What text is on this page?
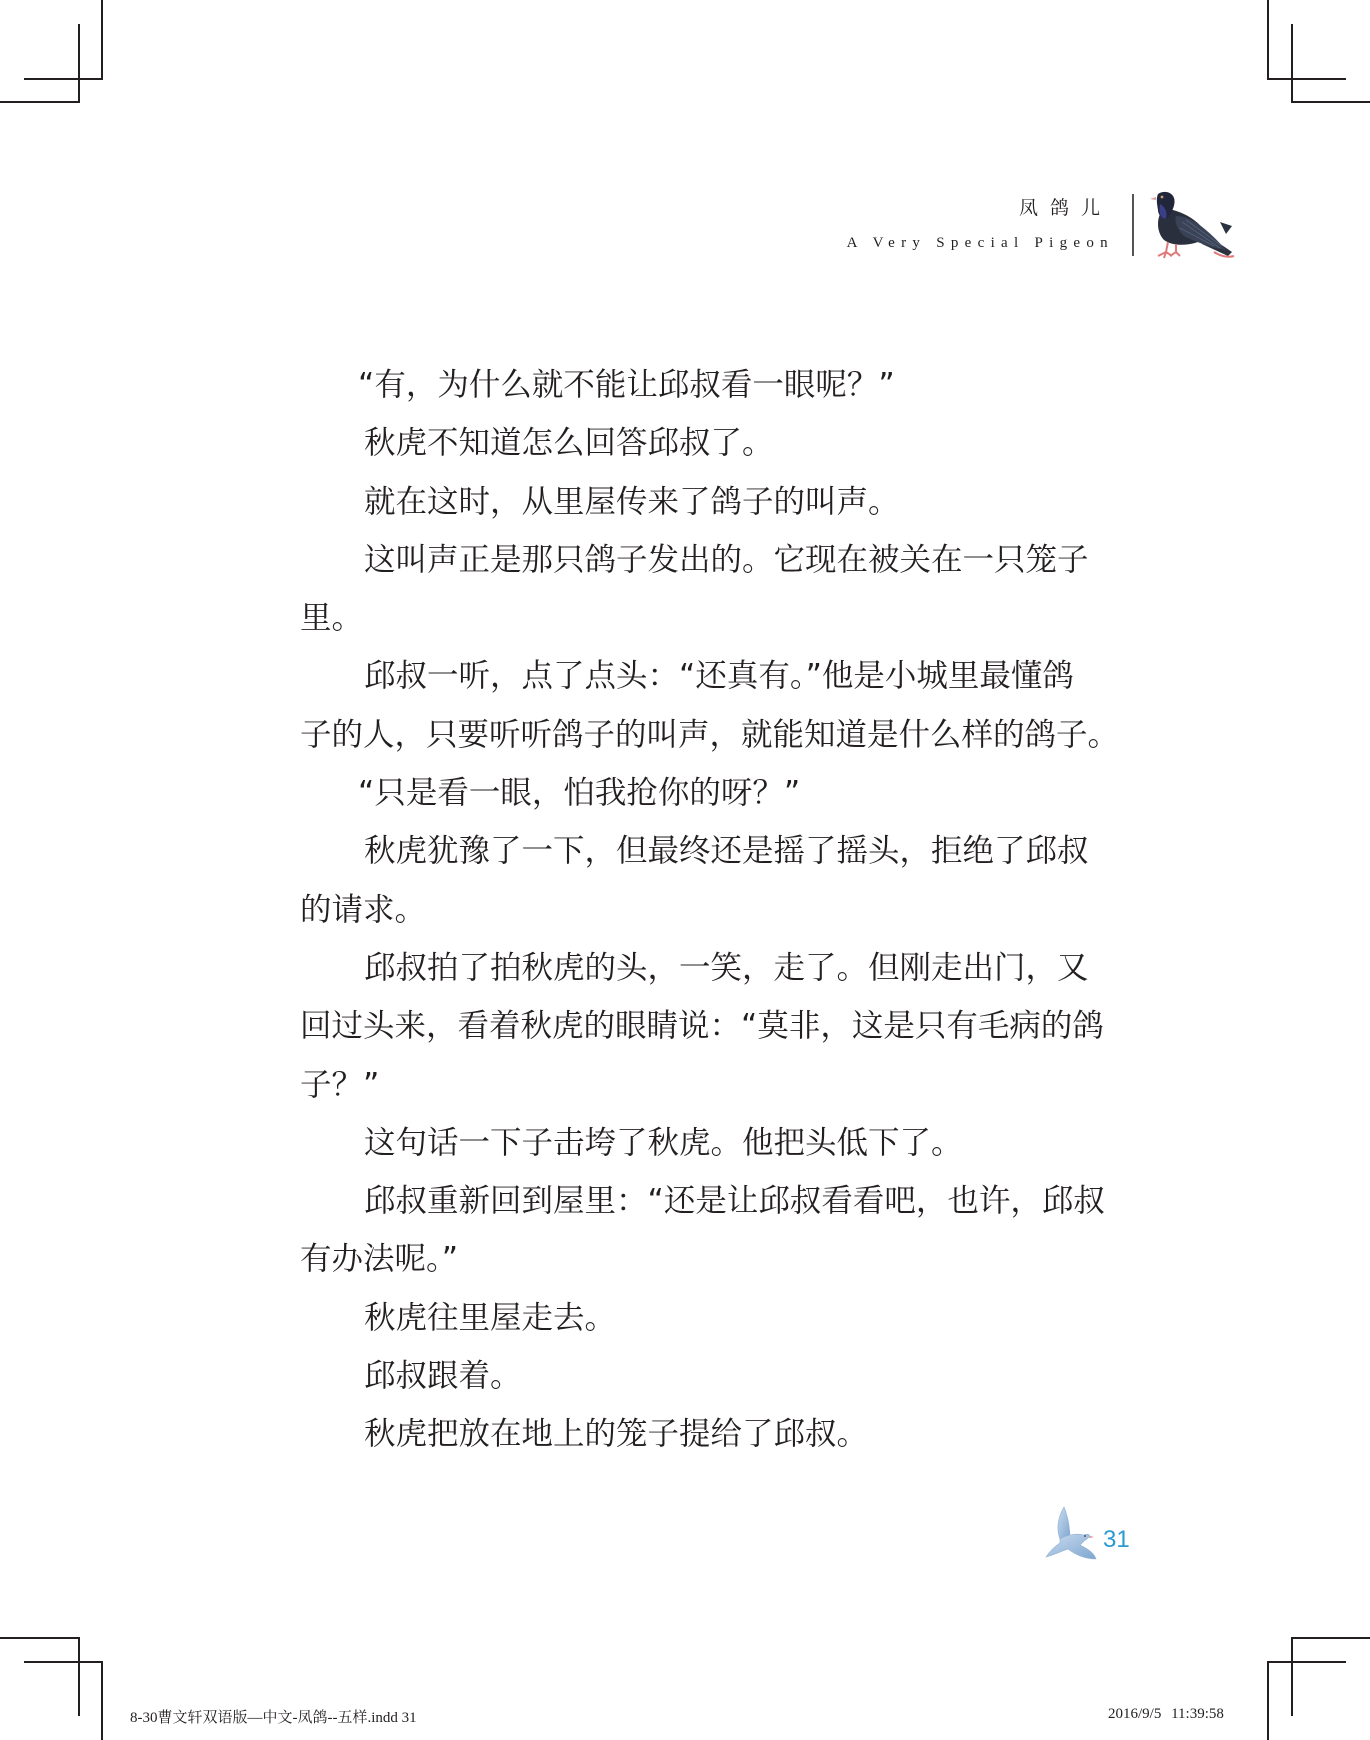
凤鸽儿
A Very Special Pigeon
“有，为什么就不能让邱叔看一眼呢？”
秋虎不知道怎么回答邱叔了。
就在这时，从里屋传来了鸽子的叫声。
这叫声正是那只鸽子发出的。它现在被关在一只笼子
里。
邱叔一听，点了点头：“还真有。”他是小城里最懂鸽
子的人，只要听听鸽子的叫声，就能知道是什么样的鸽子。
“只是看一眼，怕我抢你的呀？”
秋虎犹豫了一下，但最终还是摇了摇头，拒绝了邱叔
的请求。
邱叔拍了拍秋虎的头，一笑，走了。但刚走出门，又
回过头来，看着秋虎的眼睛说：“莫非，这是只有毛病的鸽
子？”
这句话一下子击垮了秋虎。他把头低下了。
邱叔重新回到屋里：“还是让邱叔看看吧，也许，邱叔
有办法呢。”
秋虎往里屋走去。
邱叔跟着。
秋虎把放在地上的笼子提给了邱叔。
31
8-30曹文轩双语版—中文-凤鸽--五样.indd 31	2016/9/5 11:39:58
